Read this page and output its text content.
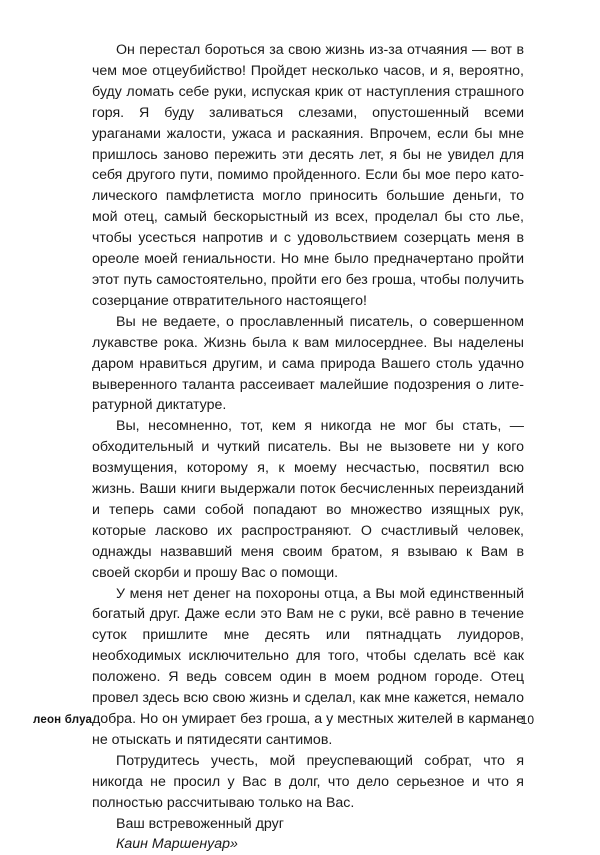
Он перестал бороться за свою жизнь из-за отчаяния — вот в чем мое отцеубийство! Пройдет несколько часов, и я, вероятно, буду ломать себе руки, испуская крик от наступления страшного горя. Я буду заливаться слезами, опустошенный всеми ураганами жалости, ужаса и раскаяния. Впрочем, если бы мне пришлось заново пережить эти десять лет, я бы не увидел для себя другого пути, помимо пройденного. Если бы мое перо католического памфлетиста могло приносить большие деньги, то мой отец, самый бескорыстный из всех, проделал бы сто лье, чтобы усесться напротив и с удовольствием созерцать меня в ореоле моей гениальности. Но мне было предначертано пройти этот путь самостоятельно, пройти его без гроша, чтобы получить созерцание отвратительного настоящего!

Вы не ведаете, о прославленный писатель, о совершенном лукавстве рока. Жизнь была к вам милосерднее. Вы наделены даром нравиться другим, и сама природа Вашего столь удачно выверенного таланта рассеивает малейшие подозрения о литературной диктатуре.

Вы, несомненно, тот, кем я никогда не мог бы стать, — обходительный и чуткий писатель. Вы не вызовете ни у кого возмущения, которому я, к моему несчастью, посвятил всю жизнь. Ваши книги выдержали поток бесчисленных переизданий и теперь сами собой попадают во множество изящных рук, которые ласково их распространяют. О счастливый человек, однажды назвавший меня своим братом, я взываю к Вам в своей скорби и прошу Вас о помощи.

У меня нет денег на похороны отца, а Вы мой единственный богатый друг. Даже если это Вам не с руки, всё равно в течение суток пришлите мне десять или пятнадцать луидоров, необходимых исключительно для того, чтобы сделать всё как положено. Я ведь совсем один в моем родном городе. Отец провел здесь всю свою жизнь и сделал, как мне кажется, немало добра. Но он умирает без гроша, а у местных жителей в кармане не отыскать и пятидесяти сантимов.

Потрудитесь учесть, мой преуспевающий собрат, что я никогда не просил у Вас в долг, что дело серьезное и что я полностью рассчитываю только на Вас.

Ваш встревоженный друг

Каин Маршенуар»

леон блуа	10
